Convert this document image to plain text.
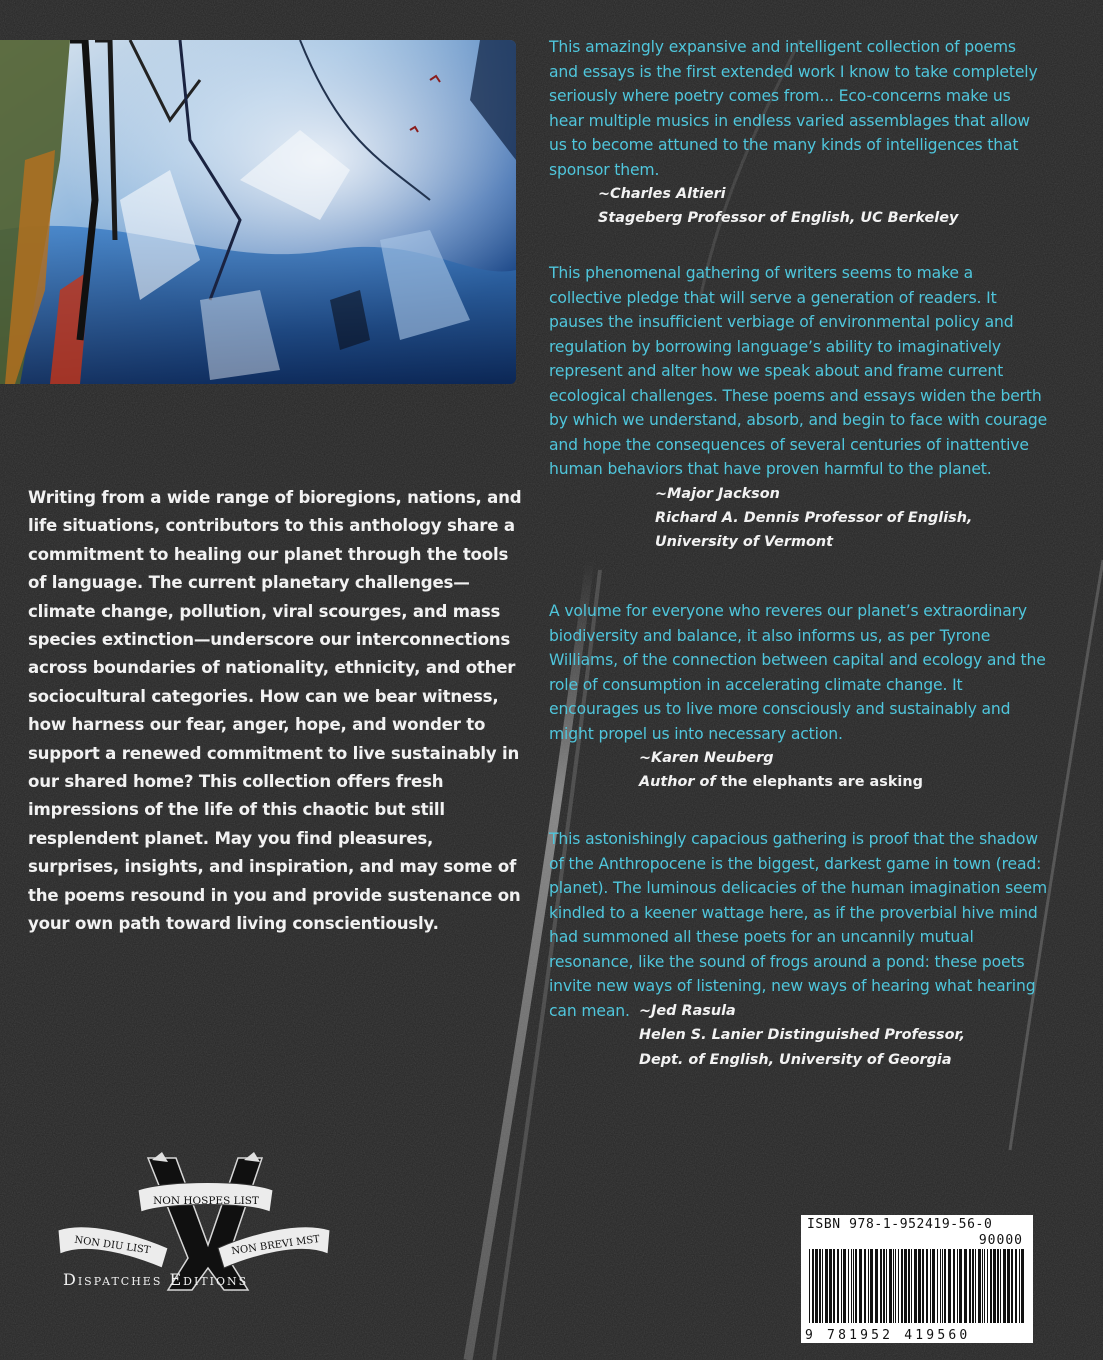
Writing from a wide range of bioregions, nations, and life situations, contributors to this anthology share a commitment to healing our planet through the tools of language. The current planetary challenges—climate change, pollution, viral scourges, and mass species extinction—underscore our interconnections across boundaries of nationality, ethnicity, and other sociocultural categories. How can we bear witness, how harness our fear, anger, hope, and wonder to support a renewed commitment to live sustainably in our shared home? This collection offers fresh impressions of the life of this chaotic but still resplendent planet. May you find pleasures, surprises, insights, and inspiration, and may some of the poems resound in you and provide sustenance on your own path toward living conscientiously.

This amazingly expansive and intelligent collection of poems and essays is the first extended work I know to take completely seriously where poetry comes from... Eco-concerns make us hear multiple musics in endless varied assemblages that allow us to become attuned to the many kinds of intelligences that sponsor them.

~Charles Altieri
Stageberg Professor of English, UC Berkeley

This phenomenal gathering of writers seems to make a collective pledge that will serve a generation of readers. It pauses the insufficient verbiage of environmental policy and regulation by borrowing language’s ability to imaginatively represent and alter how we speak about and frame current ecological challenges. These poems and essays widen the berth by which we understand, absorb, and begin to face with courage and hope the consequences of several centuries of inattentive human behaviors that have proven harmful to the planet.

~Major Jackson
Richard A. Dennis Professor of English,
University of Vermont

A volume for everyone who reveres our planet’s extraordinary biodiversity and balance, it also informs us, as per Tyrone Williams, of the connection between capital and ecology and the role of consumption in accelerating climate change. It encourages us to live more consciously and sustainably and might propel us into necessary action.

~Karen Neuberg
Author of the elephants are asking

This astonishingly capacious gathering is proof that the shadow of the Anthropocene is the biggest, darkest game in town (read: planet). The luminous delicacies of the human imagination seem kindled to a keener wattage here, as if the proverbial hive mind had summoned all these poets for an uncannily mutual resonance, like the sound of frogs around a pond: these poets invite new ways of listening, new ways of hearing what hearing can mean. ~Jed Rasula
Helen S. Lanier Distinguished Professor,
Dept. of English, University of Georgia
ISBN 978-1-952419-56-0
90000
9 781952 419560
NON HOSPES LIST
NON DIU LIST	NON BREVI MST
Dispatches Editions
